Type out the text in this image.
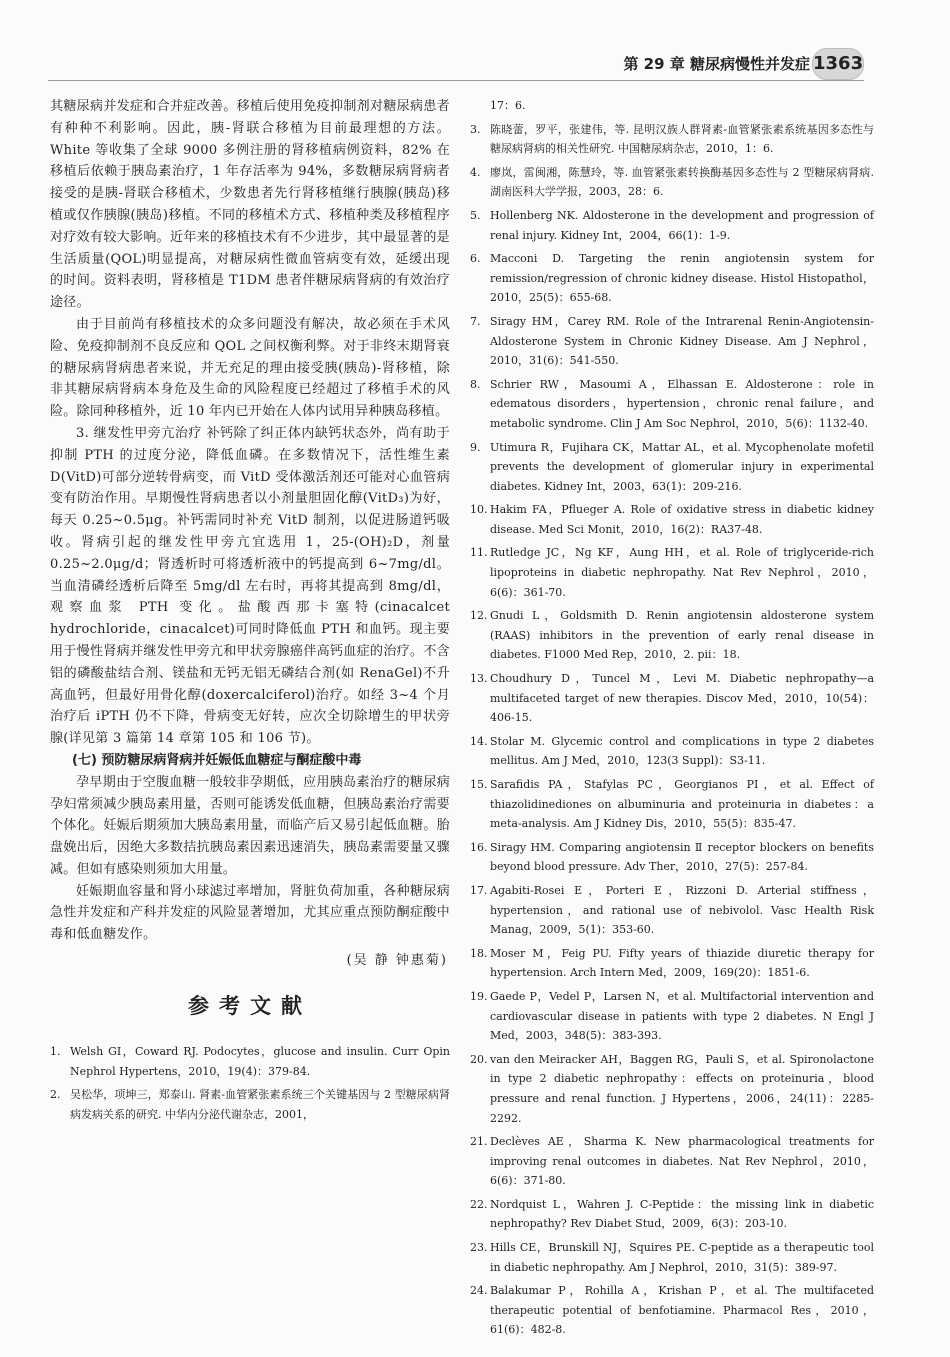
第 29 章 糖尿病慢性并发症 1363

其糖尿病并发症和合并症改善。移植后使用免疫抑制剂对糖尿病患者有种种不利影响。因此，胰-肾联合移植为目前最理想的方法。White 等收集了全球 9000 多例注册的肾移植病例资料，82% 在移植后依赖于胰岛素治疗，1 年存活率为 94%，多数糖尿病肾病者接受的是胰-肾联合移植术，少数患者先行肾移植继行胰腺(胰岛)移植或仅作胰腺(胰岛)移植。不同的移植术方式、移植种类及移植程序对疗效有较大影响。近年来的移植技术有不少进步，其中最显著的是生活质量(QOL)明显提高，对糖尿病性微血管病变有效，延缓出现的时间。资料表明，肾移植是 T1DM 患者伴糖尿病肾病的有效治疗途径。

由于目前尚有移植技术的众多问题没有解决，故必须在手术风险、免疫抑制剂不良反应和 QOL 之间权衡利弊。对于非终末期肾衰的糖尿病肾病患者来说，并无充足的理由接受胰(胰岛)-肾移植，除非其糖尿病肾病本身危及生命的风险程度已经超过了移植手术的风险。除同种移植外，近 10 年内已开始在人体内试用异种胰岛移植。

3. 继发性甲旁亢治疗 补钙除了纠正体内缺钙状态外，尚有助于抑制 PTH 的过度分泌，降低血磷。在多数情况下，活性维生素 D(VitD)可部分逆转骨病变，而 VitD 受体激活剂还可能对心血管病变有防治作用。早期慢性肾病患者以小剂量胆固化醇(VitD₃)为好，每天 0.25~0.5μg。补钙需同时补充 VitD 制剂，以促进肠道钙吸收。肾病引起的继发性甲旁亢宜选用 1，25-(OH)₂D，剂量 0.25~2.0μg/d；肾透析时可将透析液中的钙提高到 6~7mg/dl。当血清磷经透析后降至 5mg/dl 左右时，再将其提高到 8mg/dl，观察血浆 PTH 变化。盐酸西那卡塞特(cinacalcet hydrochloride，cinacalcet)可同时降低血 PTH 和血钙。现主要用于慢性肾病并继发性甲旁亢和甲状旁腺癌伴高钙血症的治疗。不含铝的磷酸盐结合剂、镁盐和无钙无铝无磷结合剂(如 RenaGel)不升高血钙，但最好用骨化醇(doxercalciferol)治疗。如经 3~4 个月治疗后 iPTH 仍不下降，骨病变无好转，应次全切除增生的甲状旁腺(详见第 3 篇第 14 章第 105 和 106 节)。

(七) 预防糖尿病肾病并妊娠低血糖症与酮症酸中毒

孕早期由于空腹血糖一般较非孕期低，应用胰岛素治疗的糖尿病孕妇常须减少胰岛素用量，否则可能诱发低血糖，但胰岛素治疗需要个体化。妊娠后期须加大胰岛素用量，而临产后又易引起低血糖。胎盘娩出后，因绝大多数拮抗胰岛素因素迅速消失，胰岛素需要量又骤减。但如有感染则须加大用量。

妊娠期血容量和肾小球滤过率增加，肾脏负荷加重，各种糖尿病急性并发症和产科并发症的风险显著增加，尤其应重点预防酮症酸中毒和低血糖发作。

(吴 静 钟惠菊)

参考文献
1. Welsh GI，Coward RJ. Podocytes，glucose and insulin. Curr Opin Nephrol Hypertens，2010，19(4)：379-84.
2. 吴松华，项坤三，郑泰山. 肾素-血管紧张素系统三个关键基因与 2 型糖尿病肾病发病关系的研究. 中华内分泌代谢杂志，2001，
17：6.
3. 陈晓蕾，罗平，张建伟，等. 昆明汉族人群肾素-血管紧张素系统基因多态性与糖尿病肾病的相关性研究. 中国糖尿病杂志，2010，1：6.
4. 廖岚，雷闽湘，陈慧玲，等. 血管紧张素转换酶基因多态性与 2 型糖尿病肾病. 湖南医科大学学报，2003，28：6.
5. Hollenberg NK. Aldosterone in the development and progression of renal injury. Kidney Int，2004，66(1)：1-9.
6. Macconi D. Targeting the renin angiotensin system for remission/regression of chronic kidney disease. Histol Histopathol，2010，25(5)：655-68.
7. Siragy HM，Carey RM. Role of the Intrarenal Renin-Angiotensin-Aldosterone System in Chronic Kidney Disease. Am J Nephrol，2010，31(6)：541-550.
8. Schrier RW，Masoumi A，Elhassan E. Aldosterone：role in edematous disorders，hypertension，chronic renal failure，and metabolic syndrome. Clin J Am Soc Nephrol，2010，5(6)：1132-40.
9. Utimura R，Fujihara CK，Mattar AL，et al. Mycophenolate mofetil prevents the development of glomerular injury in experimental diabetes. Kidney Int，2003，63(1)：209-216.
10. Hakim FA，Pflueger A. Role of oxidative stress in diabetic kidney disease. Med Sci Monit，2010，16(2)：RA37-48.
11. Rutledge JC，Ng KF，Aung HH，et al. Role of triglyceride-rich lipoproteins in diabetic nephropathy. Nat Rev Nephrol，2010，6(6)：361-70.
12. Gnudi L，Goldsmith D. Renin angiotensin aldosterone system (RAAS) inhibitors in the prevention of early renal disease in diabetes. F1000 Med Rep，2010，2. pii：18.
13. Choudhury D，Tuncel M，Levi M. Diabetic nephropathy—a multifaceted target of new therapies. Discov Med，2010，10(54)：406-15.
14. Stolar M. Glycemic control and complications in type 2 diabetes mellitus. Am J Med，2010，123(3 Suppl)：S3-11.
15. Sarafidis PA，Stafylas PC，Georgianos PI，et al. Effect of thiazolidinediones on albuminuria and proteinuria in diabetes：a meta-analysis. Am J Kidney Dis，2010，55(5)：835-47.
16. Siragy HM. Comparing angiotensin Ⅱ receptor blockers on benefits beyond blood pressure. Adv Ther，2010，27(5)：257-84.
17. Agabiti-Rosei E，Porteri E，Rizzoni D. Arterial stiffness，hypertension，and rational use of nebivolol. Vasc Health Risk Manag，2009，5(1)：353-60.
18. Moser M，Feig PU. Fifty years of thiazide diuretic therapy for hypertension. Arch Intern Med，2009，169(20)：1851-6.
19. Gaede P，Vedel P，Larsen N，et al. Multifactorial intervention and cardiovascular disease in patients with type 2 diabetes. N Engl J Med，2003，348(5)：383-393.
20. van den Meiracker AH，Baggen RG，Pauli S，et al. Spironolactone in type 2 diabetic nephropathy：effects on proteinuria，blood pressure and renal function. J Hypertens，2006，24(11)：2285-2292.
21. Declèves AE，Sharma K. New pharmacological treatments for improving renal outcomes in diabetes. Nat Rev Nephrol，2010，6(6)：371-80.
22. Nordquist L，Wahren J. C-Peptide：the missing link in diabetic nephropathy? Rev Diabet Stud，2009，6(3)：203-10.
23. Hills CE，Brunskill NJ，Squires PE. C-peptide as a therapeutic tool in diabetic nephropathy. Am J Nephrol，2010，31(5)：389-97.
24. Balakumar P，Rohilla A，Krishan P，et al. The multifaceted therapeutic potential of benfotiamine. Pharmacol Res，2010，61(6)：482-8.
